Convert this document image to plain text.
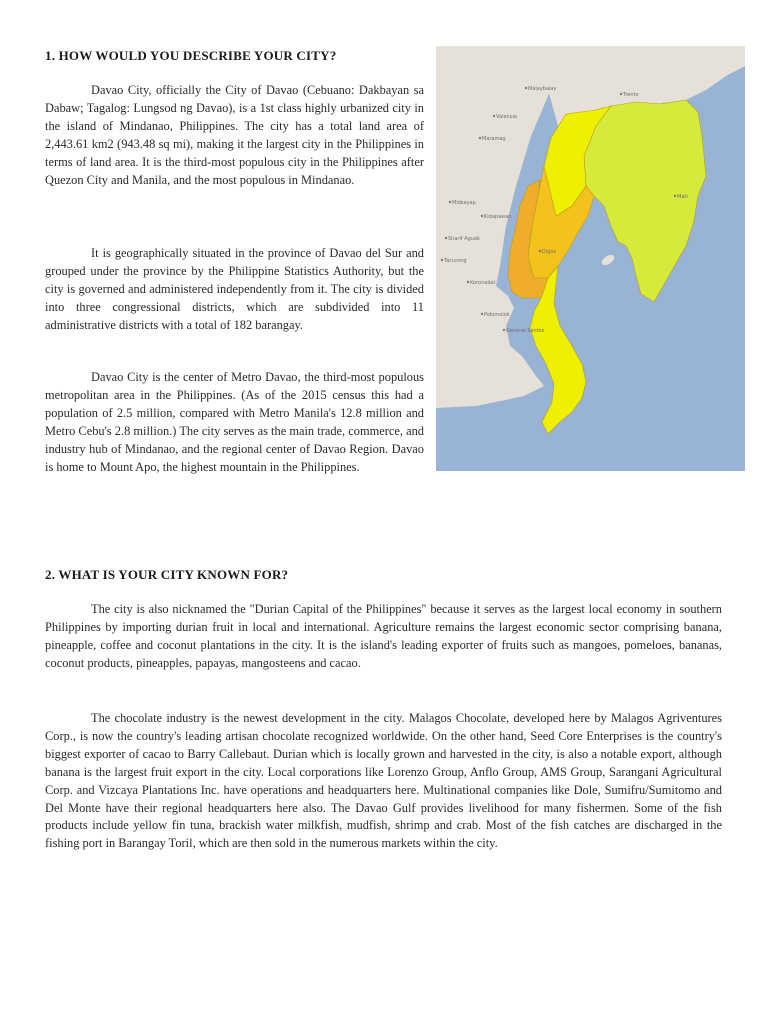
1. HOW WOULD YOU DESCRIBE YOUR CITY?

Davao City, officially the City of Davao (Cebuano: Dakbayan sa Dabaw; Tagalog: Lungsod ng Davao), is a 1st class highly urbanized city in the island of Mindanao, Philippines. The city has a total land area of 2,443.61 km2 (943.48 sq mi), making it the largest city in the Philippines in terms of land area. It is the third-most populous city in the Philippines after Quezon City and Manila, and the most populous in Mindanao.

It is geographically situated in the province of Davao del Sur and grouped under the province by the Philippine Statistics Authority, but the city is governed and administered independently from it. The city is divided into three congressional districts, which are subdivided into 11 administrative districts with a total of 182 barangay.

Davao City is the center of Metro Davao, the third-most populous metropolitan area in the Philippines. (As of the 2015 census this had a population of 2.5 million, compared with Metro Manila's 12.8 million and Metro Cebu's 2.8 million.) The city serves as the main trade, commerce, and industry hub of Mindanao, and the regional center of Davao Region. Davao is home to Mount Apo, the highest mountain in the Philippines.

Malaybalay
Valencia
Maramag
Midsayap
Kidapawan
Sharif Aguak
Tacurong
Koronadal
Polomolok
General Santos
Digos
Mati
Trento
2. WHAT IS YOUR CITY KNOWN FOR?

The city is also nicknamed the "Durian Capital of the Philippines" because it serves as the largest local economy in southern Philippines by importing durian fruit in local and international. Agriculture remains the largest economic sector comprising banana, pineapple, coffee and coconut plantations in the city. It is the island's leading exporter of fruits such as mangoes, pomeloes, bananas, coconut products, pineapples, papayas, mangosteens and cacao.

The chocolate industry is the newest development in the city. Malagos Chocolate, developed here by Malagos Agriventures Corp., is now the country's leading artisan chocolate recognized worldwide. On the other hand, Seed Core Enterprises is the country's biggest exporter of cacao to Barry Callebaut. Durian which is locally grown and harvested in the city, is also a notable export, although banana is the largest fruit export in the city. Local corporations like Lorenzo Group, Anflo Group, AMS Group, Sarangani Agricultural Corp. and Vizcaya Plantations Inc. have operations and headquarters here. Multinational companies like Dole, Sumifru/Sumitomo and Del Monte have their regional headquarters here also. The Davao Gulf provides livelihood for many fishermen. Some of the fish products include yellow fin tuna, brackish water milkfish, mudfish, shrimp and crab. Most of the fish catches are discharged in the fishing port in Barangay Toril, which are then sold in the numerous markets within the city.
